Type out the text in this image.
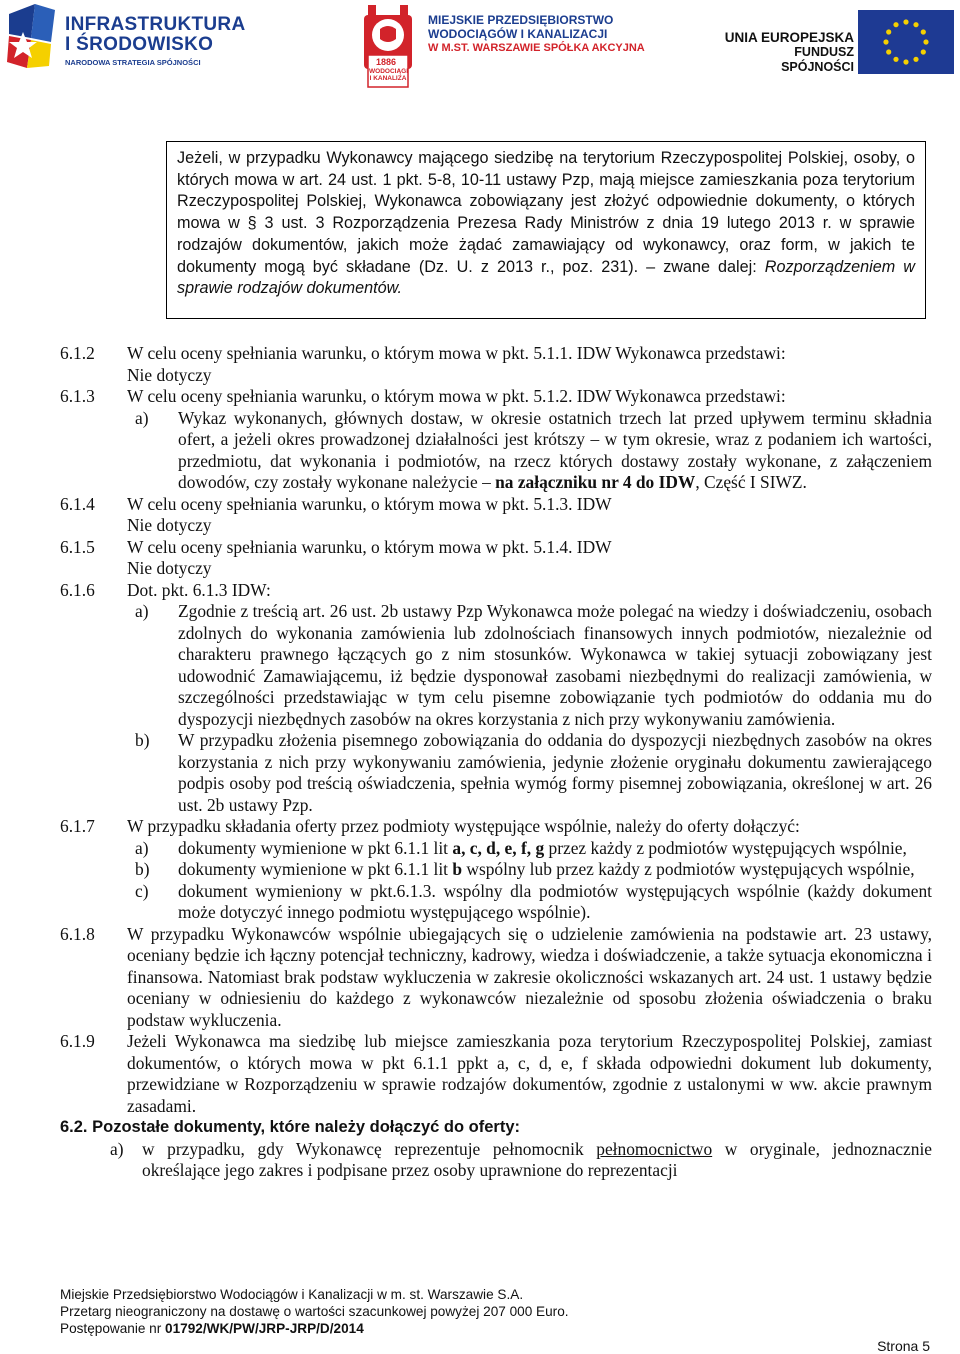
INFRASTRUKTURA
I ŚRODOWISKO
NARODOWA STRATEGIA SPÓJNOŚCI	1886
WODOCIĄGI I KANALIZA
MIEJSKIE PRZEDSIĘBIORSTWO
WODOCIĄGÓW I KANALIZACJI
W M.ST. WARSZAWIE SPÓŁKA AKCYJNA
UNIA EUROPEJSKA
FUNDUSZ SPÓJNOŚCI
Jeżeli, w przypadku Wykonawcy mającego siedzibę na terytorium Rzeczypospolitej Polskiej, osoby, o których mowa w art. 24 ust. 1 pkt. 5-8, 10-11 ustawy Pzp, mają miejsce zamieszkania poza terytorium Rzeczypospolitej Polskiej, Wykonawca zobowiązany jest złożyć odpowiednie dokumenty, o których mowa w § 3 ust. 3 Rozporządzenia Prezesa Rady Ministrów z dnia 19 lutego 2013 r. w sprawie rodzajów dokumentów, jakich może żądać zamawiający od wykonawcy, oraz form, w jakich te dokumenty mogą być składane (Dz. U. z 2013 r., poz. 231). – zwane dalej: Rozporządzeniem w sprawie rodzajów dokumentów.
6.1.2	W celu oceny spełniania warunku, o którym mowa w pkt. 5.1.1. IDW Wykonawca przedstawi:
Nie dotyczy
6.1.3	W celu oceny spełniania warunku, o którym mowa w pkt. 5.1.2. IDW Wykonawca przedstawi:
a)	Wykaz wykonanych, głównych dostaw, w okresie ostatnich trzech lat przed upływem terminu składnia ofert, a jeżeli okres prowadzonej działalności jest krótszy – w tym okresie, wraz z podaniem ich wartości, przedmiotu, dat wykonania i podmiotów, na rzecz których dostawy zostały wykonane, z załączeniem dowodów, czy zostały wykonane należycie – na załączniku nr 4 do IDW, Część I SIWZ.
6.1.4	W celu oceny spełniania warunku, o którym mowa w pkt. 5.1.3. IDW
Nie dotyczy
6.1.5	W celu oceny spełniania warunku, o którym mowa w pkt. 5.1.4. IDW
Nie dotyczy
6.1.6	Dot. pkt. 6.1.3 IDW:
a)	Zgodnie z treścią art. 26 ust. 2b ustawy Pzp Wykonawca może polegać na wiedzy i doświadczeniu, osobach zdolnych do wykonania zamówienia lub zdolnościach finansowych innych podmiotów, niezależnie od charakteru prawnego łączących go z nim stosunków. Wykonawca w takiej sytuacji zobowiązany jest udowodnić Zamawiającemu, iż będzie dysponował zasobami niezbędnymi do realizacji zamówienia, w szczególności przedstawiając w tym celu pisemne zobowiązanie tych podmiotów do oddania mu do dyspozycji niezbędnych zasobów na okres korzystania z nich przy wykonywaniu zamówienia.
b)	W przypadku złożenia pisemnego zobowiązania do oddania do dyspozycji niezbędnych zasobów na okres korzystania z nich przy wykonywaniu zamówienia, jedynie złożenie oryginału dokumentu zawierającego podpis osoby pod treścią oświadczenia, spełnia wymóg formy pisemnej zobowiązania, określonej w art. 26 ust. 2b ustawy Pzp.
6.1.7	W przypadku składania oferty przez podmioty występujące wspólnie, należy do oferty dołączyć:
a)	dokumenty wymienione w pkt 6.1.1 lit a, c, d, e, f, g przez każdy z podmiotów występujących wspólnie,
b)	dokumenty wymienione w pkt 6.1.1 lit b wspólny lub przez każdy z podmiotów występujących wspólnie,
c)	dokument wymieniony w pkt.6.1.3. wspólny dla podmiotów występujących wspólnie (każdy dokument może dotyczyć innego podmiotu występującego wspólnie).
6.1.8	W przypadku Wykonawców wspólnie ubiegających się o udzielenie zamówienia na podstawie art. 23 ustawy, oceniany będzie ich łączny potencjał techniczny, kadrowy, wiedza i doświadczenie, a także sytuacja ekonomiczna i finansowa. Natomiast brak podstaw wykluczenia w zakresie okoliczności wskazanych art. 24 ust. 1 ustawy będzie oceniany w odniesieniu do każdego z wykonawców niezależnie od sposobu złożenia oświadczenia o braku podstaw wykluczenia.
6.1.9	Jeżeli Wykonawca ma siedzibę lub miejsce zamieszkania poza terytorium Rzeczypospolitej Polskiej, zamiast dokumentów, o których mowa w pkt 6.1.1 ppkt a, c, d, e, f składa odpowiedni dokument lub dokumenty, przewidziane w Rozporządzeniu w sprawie rodzajów dokumentów, zgodnie z ustalonymi w ww. akcie prawnym zasadami.
6.2. Pozostałe dokumenty, które należy dołączyć do oferty:
a) w przypadku, gdy Wykonawcę reprezentuje pełnomocnik pełnomocnictwo w oryginale, jednoznacznie określające jego zakres i podpisane przez osoby uprawnione do reprezentacji
Miejskie Przedsiębiorstwo Wodociągów i Kanalizacji w m. st. Warszawie S.A.
Przetarg nieograniczony na dostawę o wartości szacunkowej powyżej 207 000 Euro.
Postępowanie nr 01792/WK/PW/JRP-JRP/D/2014
Strona 5
